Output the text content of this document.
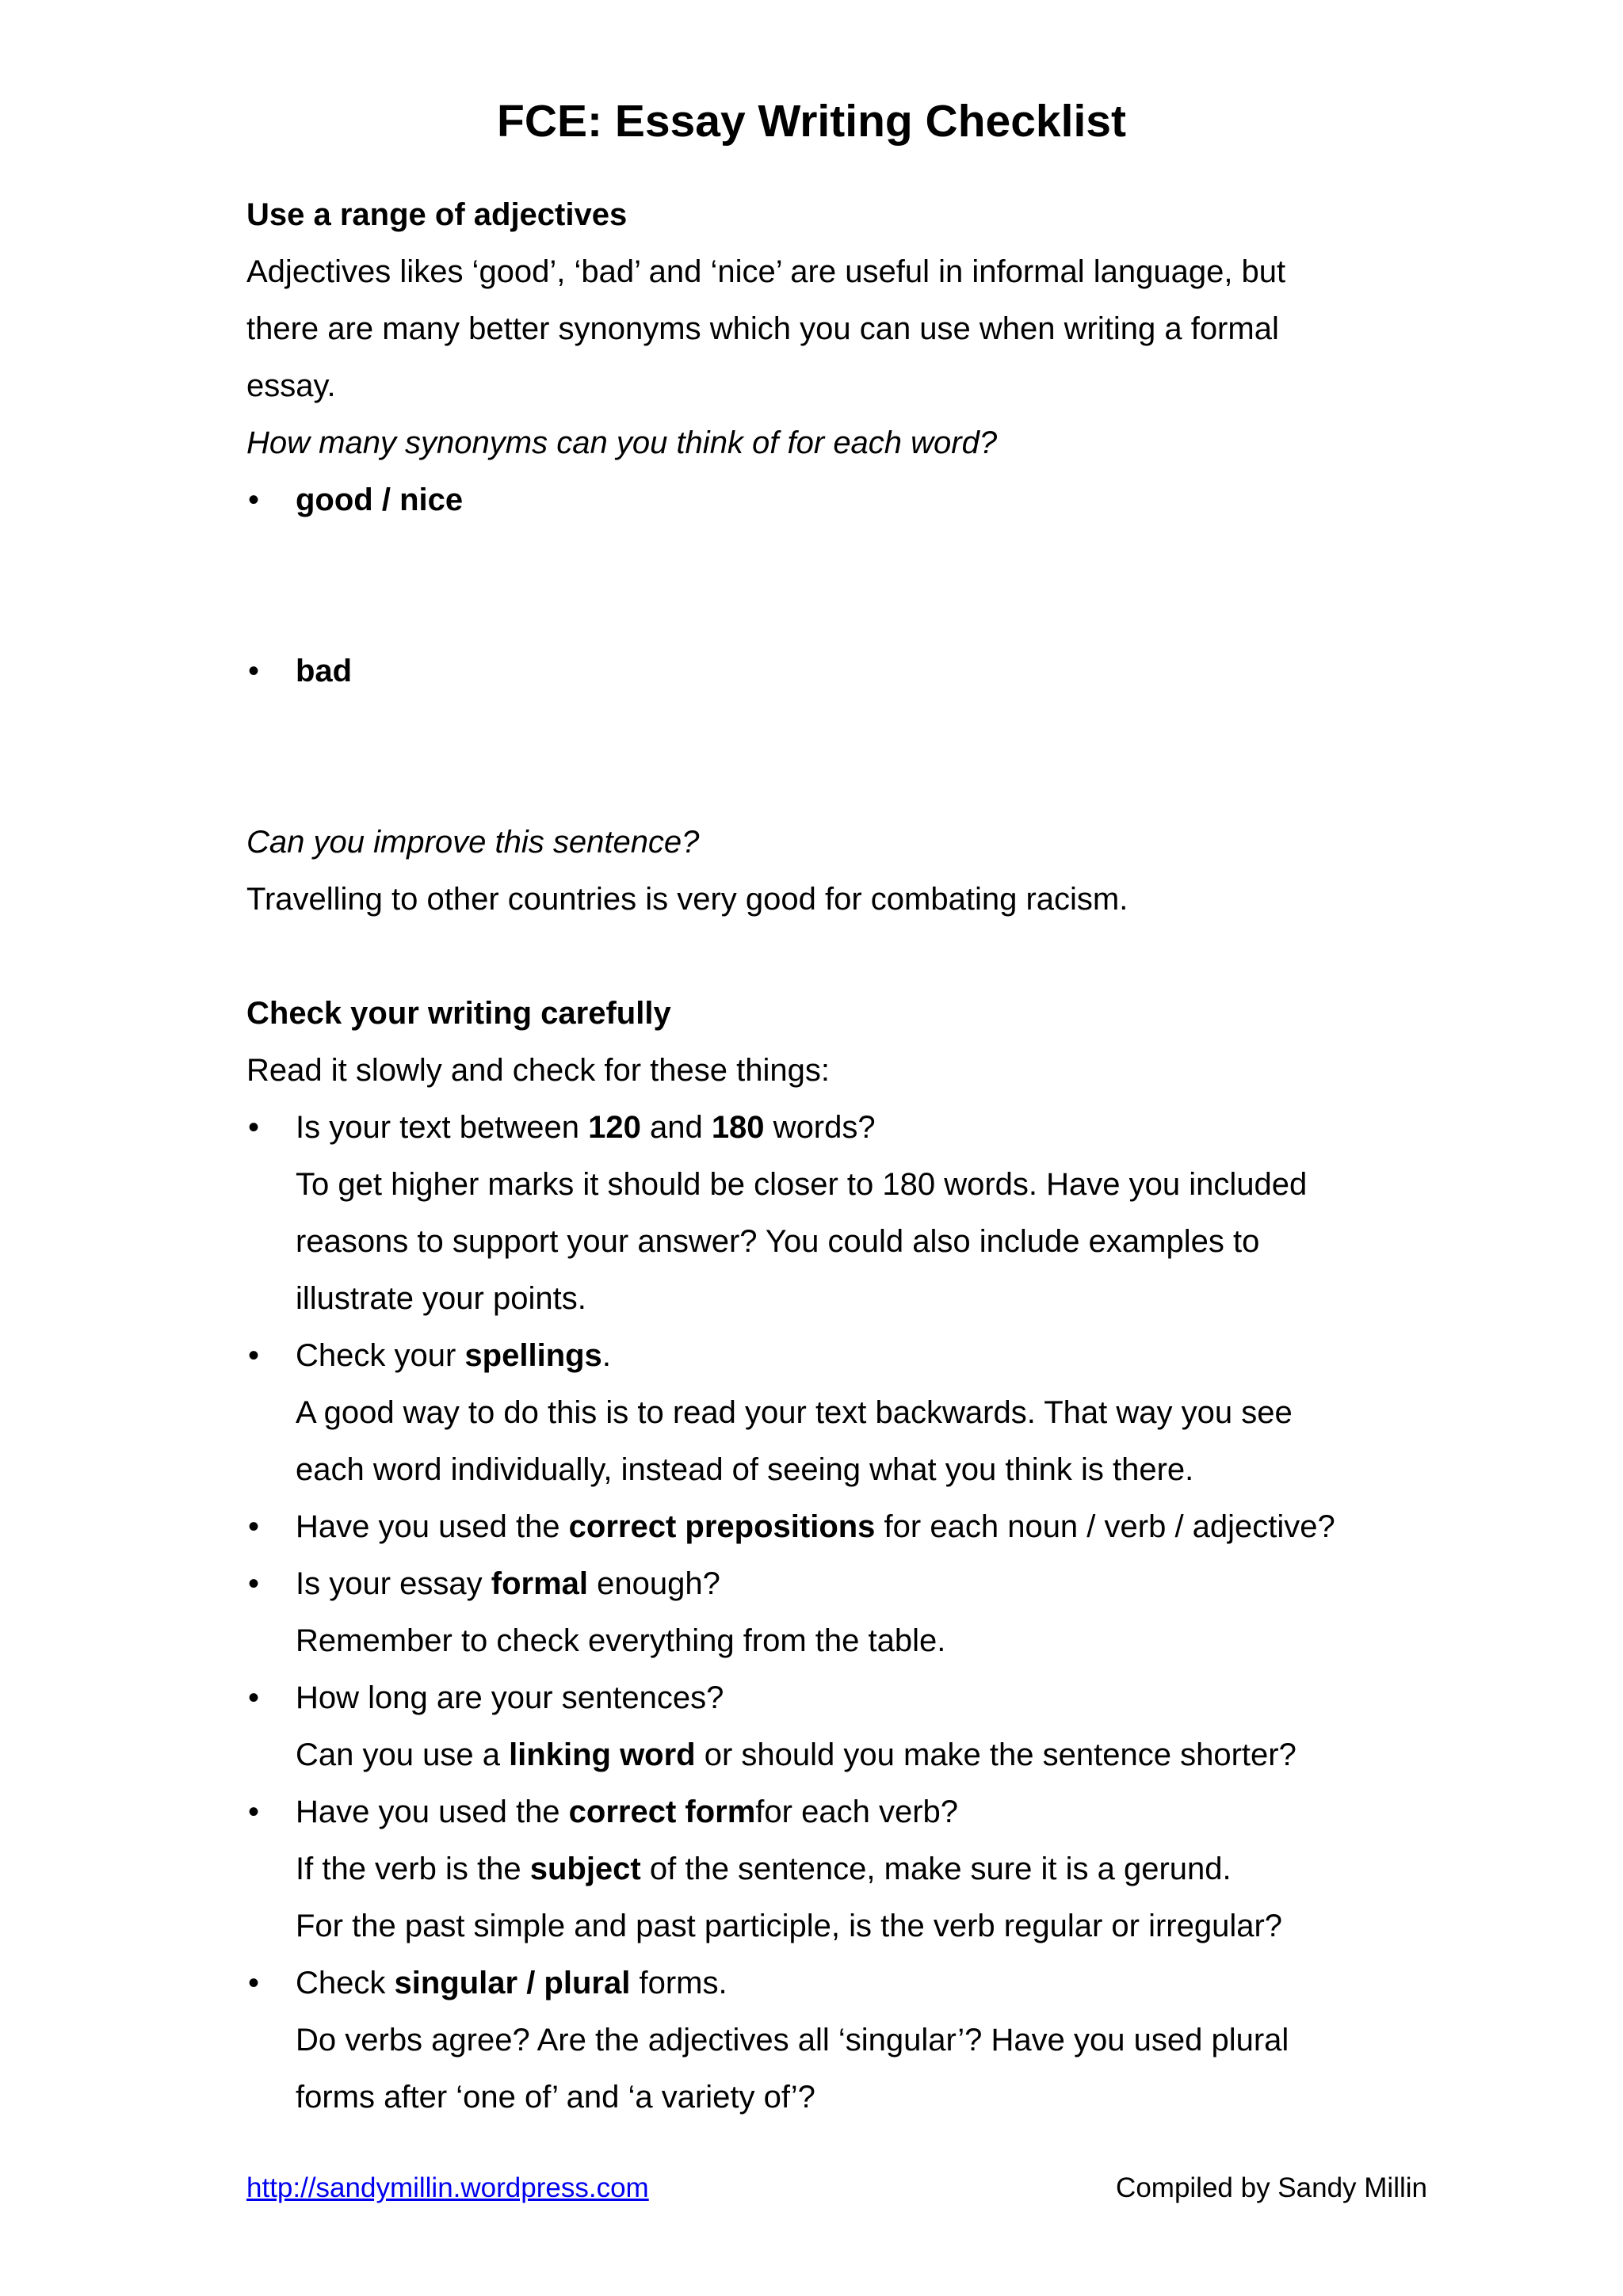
FCE: Essay Writing Checklist
Use a range of adjectives
Adjectives likes ‘good’, ‘bad’ and ‘nice’ are useful in informal language, but
there are many better synonyms which you can use when writing a formal
essay.
How many synonyms can you think of for each word?
• good / nice
• bad
Can you improve this sentence?
Travelling to other countries is very good for combating racism.
Check your writing carefully
Read it slowly and check for these things:
• Is your text between 120 and 180 words?
To get higher marks it should be closer to 180 words. Have you included
reasons to support your answer? You could also include examples to
illustrate your points.
• Check your spellings.
A good way to do this is to read your text backwards. That way you see
each word individually, instead of seeing what you think is there.
• Have you used the correct prepositions for each noun / verb / adjective?
• Is your essay formal enough?
Remember to check everything from the table.
• How long are your sentences?
Can you use a linking word or should you make the sentence shorter?
• Have you used the correct formfor each verb?
If the verb is the subject of the sentence, make sure it is a gerund.
For the past simple and past participle, is the verb regular or irregular?
• Check singular / plural forms.
Do verbs agree? Are the adjectives all ‘singular’? Have you used plural
forms after ‘one of’ and ‘a variety of’?
http://sandymillin.wordpress.com	Compiled by Sandy Millin
